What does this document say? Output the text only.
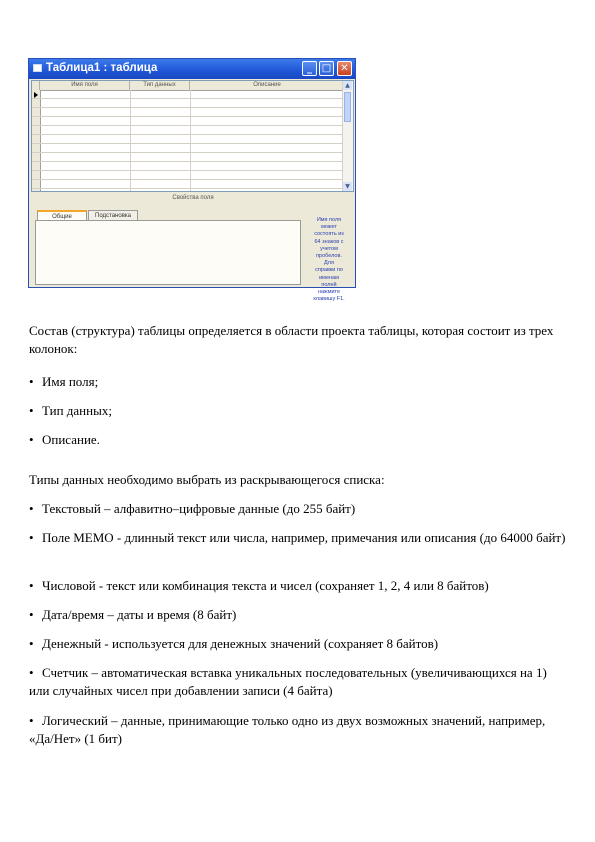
Таблица1 : таблица	_ □ ✕
Имя поля	Тип данных	Описание	▲
▼
Свойства поля
Общие	Подстановка
Имя поля
может
состоять из
64 знаков с
учетом
пробелов.
Для
справки по
именам
полей
нажмите
клавишу F1.
Состав (структура) таблицы определяется в области проекта таблицы, которая состоит из трех колонок:
• Имя поля;
• Тип данных;
• Описание.
Типы данных необходимо выбрать из раскрывающегося списка:
• Текстовый – алфавитно–цифровые данные (до 255 байт)
• Поле MEMO - длинный текст или числа, например, примечания или описания (до 64000 байт)
• Числовой - текст или комбинация текста и чисел (сохраняет 1, 2, 4 или 8 байтов)
• Дата/время – даты и время (8 байт)
• Денежный - используется для денежных значений (сохраняет 8 байтов)
• Счетчик – автоматическая вставка уникальных последовательных (увеличивающихся на 1) или случайных чисел при добавлении записи (4 байта)
• Логический – данные, принимающие только одно из двух возможных значений, например, «Да/Нет» (1 бит)
